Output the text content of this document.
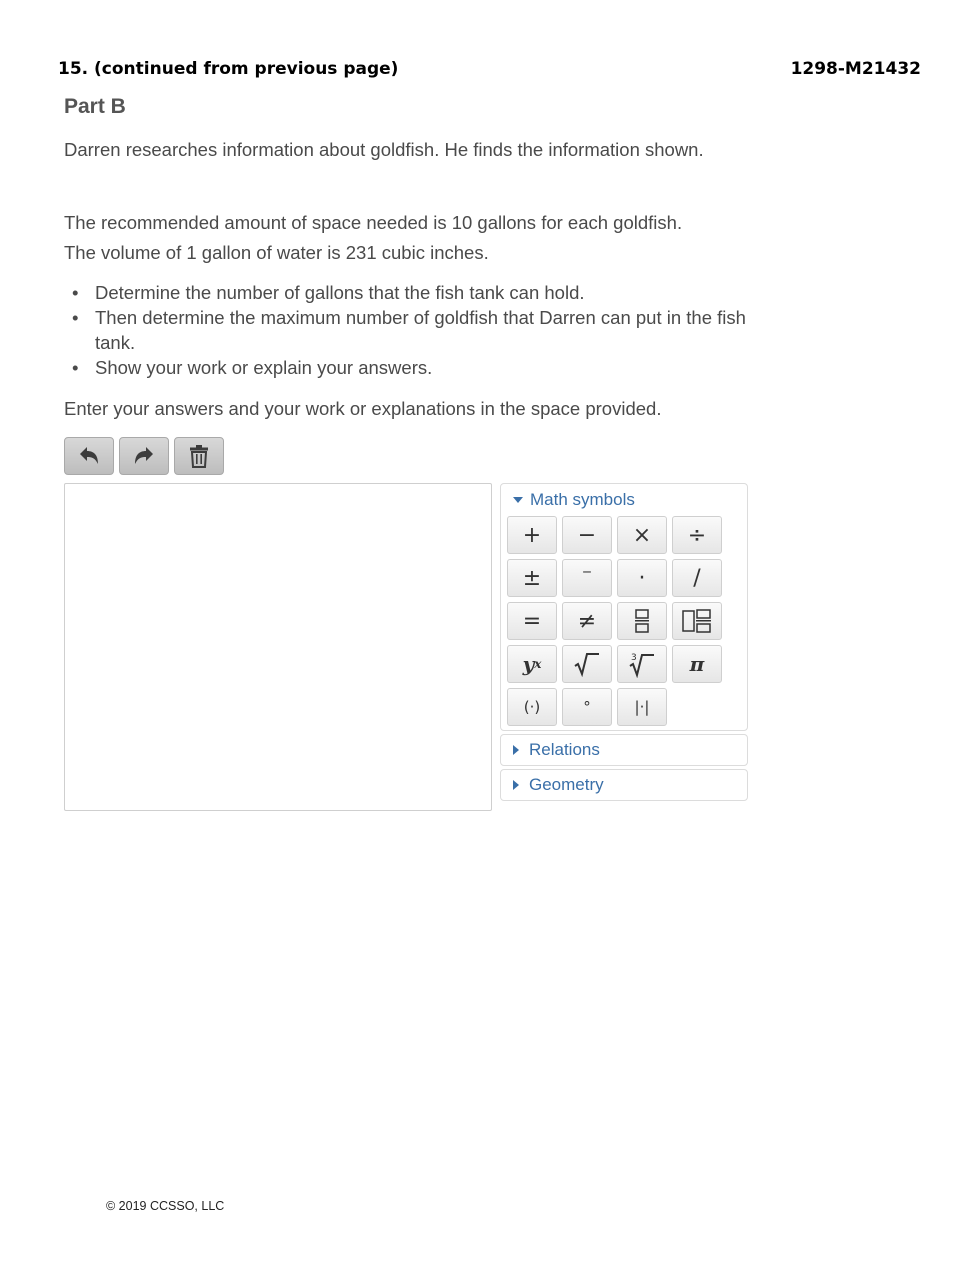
15. (continued from previous page)	1298-M21432
Part B
Darren researches information about goldfish. He finds the information shown.
The recommended amount of space needed is 10 gallons for each goldfish.
The volume of 1 gallon of water is 231 cubic inches.
• Determine the number of gallons that the fish tank can hold.
• Then determine the maximum number of goldfish that Darren can put in the fish tank.
• Show your work or explain your answers.
Enter your answers and your work or explanations in the space provided.
Math symbols
+	−	×	÷
±	‾	·	/
=	≠
y x	3	π
(·)	°	|·|
Relations
Geometry
© 2019 CCSSO, LLC
